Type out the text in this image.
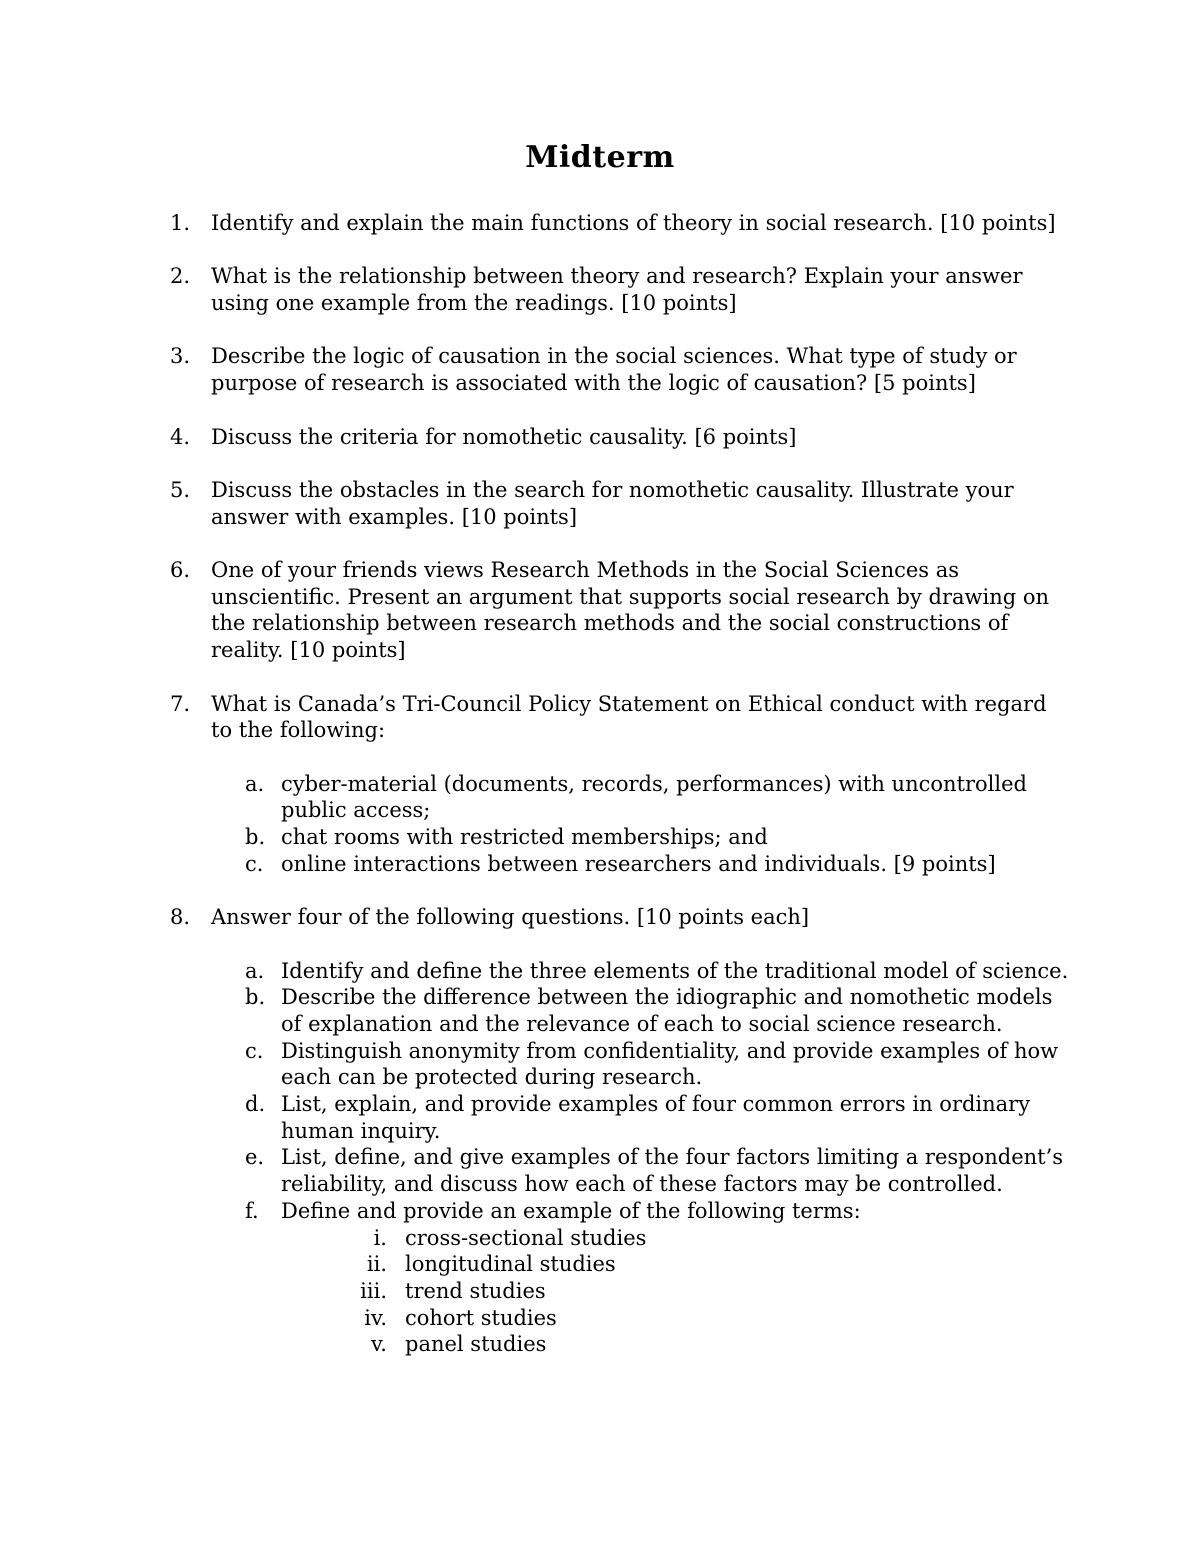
Midterm
1. Identify and explain the main functions of theory in social research. [10 points]
2. What is the relationship between theory and research? Explain your answer using one example from the readings. [10 points]
3. Describe the logic of causation in the social sciences. What type of study or purpose of research is associated with the logic of causation? [5 points]
4. Discuss the criteria for nomothetic causality. [6 points]
5. Discuss the obstacles in the search for nomothetic causality. Illustrate your answer with examples. [10 points]
6. One of your friends views Research Methods in the Social Sciences as unscientific. Present an argument that supports social research by drawing on the relationship between research methods and the social constructions of reality. [10 points]
7. What is Canada’s Tri-Council Policy Statement on Ethical conduct with regard to the following:
a. cyber-material (documents, records, performances) with uncontrolled public access;
b. chat rooms with restricted memberships; and
c. online interactions between researchers and individuals. [9 points]
8. Answer four of the following questions. [10 points each]
a. Identify and define the three elements of the traditional model of science.
b. Describe the difference between the idiographic and nomothetic models of explanation and the relevance of each to social science research.
c. Distinguish anonymity from confidentiality, and provide examples of how each can be protected during research.
d. List, explain, and provide examples of four common errors in ordinary human inquiry.
e. List, define, and give examples of the four factors limiting a respondent’s reliability, and discuss how each of these factors may be controlled.
f.	Define and provide an example of the following terms:
i. cross-sectional studies
ii. longitudinal studies
iii. trend studies
iv. cohort studies
v. panel studies
